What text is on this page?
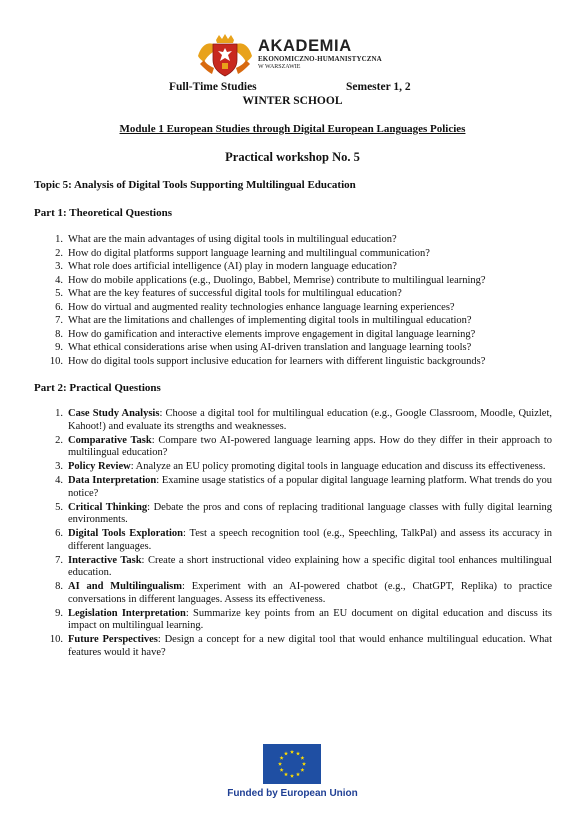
AKADEMIA
EKONOMICZNO-HUMANISTYCZNA
W WARSZAWIE
Full-Time Studies	Semester 1, 2
WINTER SCHOOL
Module 1 European Studies through Digital European Languages Policies
Practical workshop No. 5
Topic 5: Analysis of Digital Tools Supporting Multilingual Education
Part 1: Theoretical Questions
1. What are the main advantages of using digital tools in multilingual education?
2. How do digital platforms support language learning and multilingual communication?
3. What role does artificial intelligence (AI) play in modern language education?
4. How do mobile applications (e.g., Duolingo, Babbel, Memrise) contribute to multilingual learning?
5. What are the key features of successful digital tools for multilingual education?
6. How do virtual and augmented reality technologies enhance language learning experiences?
7. What are the limitations and challenges of implementing digital tools in multilingual education?
8. How do gamification and interactive elements improve engagement in digital language learning?
9. What ethical considerations arise when using AI-driven translation and language learning tools?
10. How do digital tools support inclusive education for learners with different linguistic backgrounds?
Part 2: Practical Questions
1. Case Study Analysis: Choose a digital tool for multilingual education (e.g., Google Classroom, Moodle, Quizlet, Kahoot!) and evaluate its strengths and weaknesses.
2. Comparative Task: Compare two AI-powered language learning apps. How do they differ in their approach to multilingual education?
3. Policy Review: Analyze an EU policy promoting digital tools in language education and discuss its effectiveness.
4. Data Interpretation: Examine usage statistics of a popular digital language learning platform. What trends do you notice?
5. Critical Thinking: Debate the pros and cons of replacing traditional language classes with fully digital learning environments.
6. Digital Tools Exploration: Test a speech recognition tool (e.g., Speechling, TalkPal) and assess its accuracy in different languages.
7. Interactive Task: Create a short instructional video explaining how a specific digital tool enhances multilingual education.
8. AI and Multilingualism: Experiment with an AI-powered chatbot (e.g., ChatGPT, Replika) to practice conversations in different languages. Assess its effectiveness.
9. Legislation Interpretation: Summarize key points from an EU document on digital education and discuss its impact on multilingual learning.
10. Future Perspectives: Design a concept for a new digital tool that would enhance multilingual education. What features would it have?
Funded by European Union
